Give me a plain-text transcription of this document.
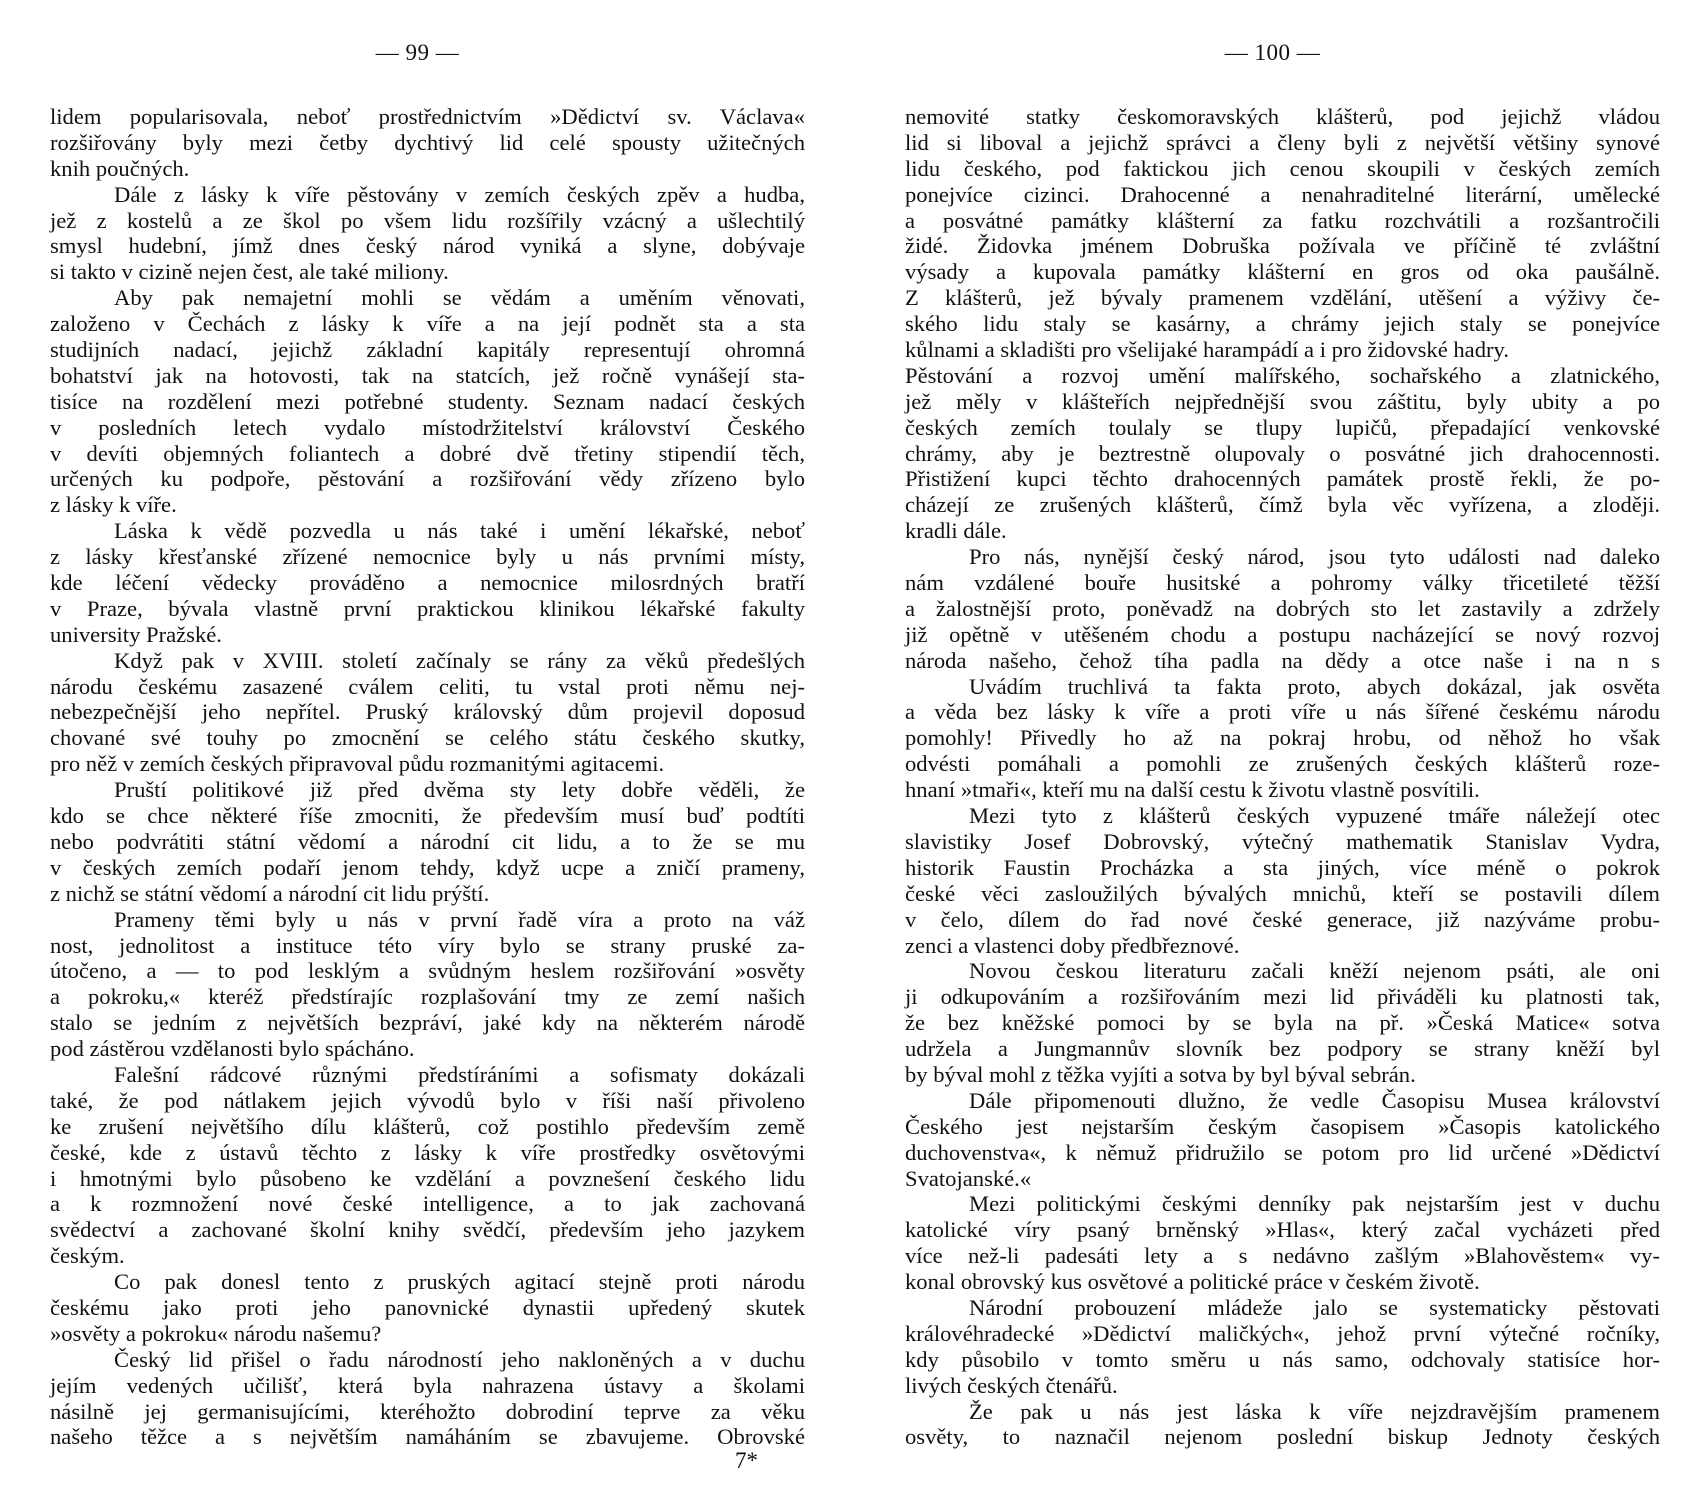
— 99 —
lidem popularisovala, neboť prostřednictvím »Dědictví sv. Václava«
rozšiřovány byly mezi četby dychtivý lid celé spousty užitečných
knih poučných.
Dále z lásky k víře pěstovány v zemích českých zpěv a hudba,
jež z kostelů a ze škol po všem lidu rozšířily vzácný a ušlechtilý
smysl hudební, jímž dnes český národ vyniká a slyne, dobývaje
si takto v cizině nejen čest, ale také miliony.
Aby pak nemajetní mohli se vědám a uměním věnovati,
založeno v Čechách z lásky k víře a na její podnět sta a sta
studijních nadací, jejichž základní kapitály representují ohromná
bohatství jak na hotovosti, tak na statcích, jež ročně vynášejí sta-
tisíce na rozdělení mezi potřebné studenty. Seznam nadací českých
v posledních letech vydalo místodržitelství království Českého
v devíti objemných foliantech a dobré dvě třetiny stipendií těch,
určených ku podpoře, pěstování a rozšiřování vědy zřízeno bylo
z lásky k víře.
Láska k vědě pozvedla u nás také i umění lékařské, neboť
z lásky křesťanské zřízené nemocnice byly u nás prvními místy,
kde léčení vědecky prováděno a nemocnice milosrdných bratří
v Praze, bývala vlastně první praktickou klinikou lékařské fakulty
university Pražské.
Když pak v XVIII. století začínaly se rány za věků předešlých
národu českému zasazené cválem celiti, tu vstal proti němu nej-
nebezpečnější jeho nepřítel. Pruský královský dům projevil doposud
chované své touhy po zmocnění se celého státu českého skutky,
pro něž v zemích českých připravoval půdu rozmanitými agitacemi.
Pruští politikové již před dvěma sty lety dobře věděli, že
kdo se chce některé říše zmocniti, že především musí buď podtíti
nebo podvrátiti státní vědomí a národní cit lidu, a to že se mu
v českých zemích podaří jenom tehdy, když ucpe a zničí prameny,
z nichž se státní vědomí a národní cit lidu prýští.
Prameny těmi byly u nás v první řadě víra a proto na váž
nost, jednolitost a instituce této víry bylo se strany pruské za-
útočeno, a — to pod lesklým a svůdným heslem rozšiřování »osvěty
a pokroku,« kteréž předstírajíc rozplašování tmy ze zemí našich
stalo se jedním z největších bezpráví, jaké kdy na některém národě
pod zástěrou vzdělanosti bylo spácháno.
Falešní rádcové různými předstíráními a sofismaty dokázali
také, že pod nátlakem jejich vývodů bylo v říši naší přivoleno
ke zrušení největšího dílu klášterů, což postihlo především země
české, kde z ústavů těchto z lásky k víře prostředky osvětovými
i hmotnými bylo působeno ke vzdělání a povznešení českého lidu
a k rozmnožení nové české intelligence, a to jak zachovaná
svědectví a zachované školní knihy svědčí, především jeho jazykem
českým.
Co pak donesl tento z pruských agitací stejně proti národu
českému jako proti jeho panovnické dynastii upředený skutek
»osvěty a pokroku« národu našemu?
Český lid přišel o řadu národností jeho nakloněných a v duchu
jejím vedených učilišť, která byla nahrazena ústavy a školami
násilně jej germanisujícími, kteréhožto dobrodiní teprve za věku
našeho těžce a s největším namáháním se zbavujeme. Obrovské
7*
— 100 —
nemovité statky českomoravských klášterů, pod jejichž vládou
lid si liboval a jejichž správci a členy byli z největší většiny synové
lidu českého, pod faktickou jich cenou skoupili v českých zemích
ponejvíce cizinci. Drahocenné a nenahraditelné literární, umělecké
a posvátné památky klášterní za fatku rozchvátili a rozšantročili
židé. Židovka jménem Dobruška požívala ve příčině té zvláštní
výsady a kupovala památky klášterní en gros od oka paušálně.
Z klášterů, jež bývaly pramenem vzdělání, utěšení a výživy če-
ského lidu staly se kasárny, a chrámy jejich staly se ponejvíce
kůlnami a skladišti pro všelijaké harampádí a i pro židovské hadry.
Pěstování a rozvoj umění malířského, sochařského a zlatnického,
jež měly v klášteřích nejpřednější svou záštitu, byly ubity a po
českých zemích toulaly se tlupy lupičů, přepadající venkovské
chrámy, aby je beztrestně olupovaly o posvátné jich drahocennosti.
Přistižení kupci těchto drahocenných památek prostě řekli, že po-
cházejí ze zrušených klášterů, čímž byla věc vyřízena, a zloději.
kradli dále.
Pro nás, nynější český národ, jsou tyto události nad daleko
nám vzdálené bouře husitské a pohromy války třicetileté těžší
a žalostnější proto, poněvadž na dobrých sto let zastavily a zdržely
již opětně v utěšeném chodu a postupu nacházející se nový rozvoj
národa našeho, čehož tíha padla na dědy a otce naše i na n s
Uvádím truchlivá ta fakta proto, abych dokázal, jak osvěta
a věda bez lásky k víře a proti víře u nás šířené českému národu
pomohly! Přivedly ho až na pokraj hrobu, od něhož ho však
odvésti pomáhali a pomohli ze zrušených českých klášterů roze-
hnaní »tmaři«, kteří mu na další cestu k životu vlastně posvítili.
Mezi tyto z klášterů českých vypuzené tmáře náležejí otec
slavistiky Josef Dobrovský, výtečný mathematik Stanislav Vydra,
historik Faustin Procházka a sta jiných, více méně o pokrok
české věci zasloužilých bývalých mnichů, kteří se postavili dílem
v čelo, dílem do řad nové české generace, již nazýváme probu-
zenci a vlastenci doby předbřeznové.
Novou českou literaturu začali kněží nejenom psáti, ale oni
ji odkupováním a rozšiřováním mezi lid přiváděli ku platnosti tak,
že bez kněžské pomoci by se byla na př. »Česká Matice« sotva
udržela a Jungmannův slovník bez podpory se strany kněží byl
by býval mohl z těžka vyjíti a sotva by byl býval sebrán.
Dále připomenouti dlužno, že vedle Časopisu Musea království
Českého jest nejstarším českým časopisem »Časopis katolického
duchovenstva«, k němuž přidružilo se potom pro lid určené »Dědictví
Svatojanské.«
Mezi politickými českými denníky pak nejstarším jest v duchu
katolické víry psaný brněnský »Hlas«, který začal vycházeti před
více než-li padesáti lety a s nedávno zašlým »Blahověstem« vy-
konal obrovský kus osvětové a politické práce v českém životě.
Národní probouzení mládeže jalo se systematicky pěstovati
královéhradecké »Dědictví maličkých«, jehož první výtečné ročníky,
kdy působilo v tomto směru u nás samo, odchovaly statisíce hor-
livých českých čtenářů.
Že pak u nás jest láska k víře nejzdravějším pramenem
osvěty, to naznačil nejenom poslední biskup Jednoty českých
